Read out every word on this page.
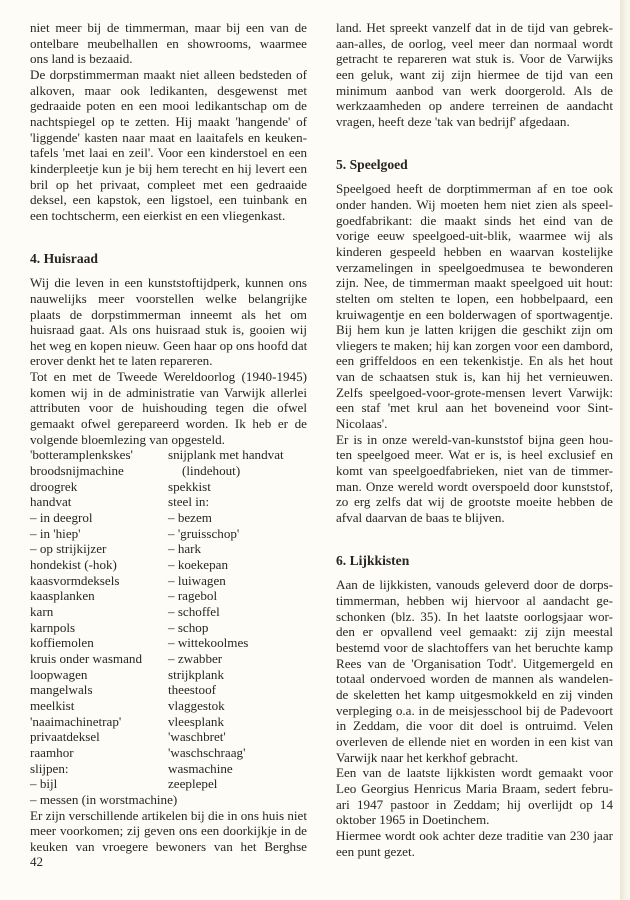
niet meer bij de timmerman, maar bij een van de
ontelbare meubelhallen en showrooms, waarmee
ons land is bezaaid.

De dorpstimmerman maakt niet alleen bedsteden of
alkoven, maar ook ledikanten, desgewenst met
gedraaide poten en een mooi ledikantschap om de
nachtspiegel op te zetten. Hij maakt 'hangende' of
'liggende' kasten naar maat en laaitafels en keuken-
tafels 'met laai en zeil'. Voor een kinderstoel en een
kinderpleetje kun je bij hem terecht en hij levert een
bril op het privaat, compleet met een gedraaide
deksel, een kapstok, een ligstoel, een tuinbank en
een tochtscherm, een eierkist en een vliegenkast.

4. Huisraad

Wij die leven in een kunststoftijdperk, kunnen ons
nauwelijks meer voorstellen welke belangrijke
plaats de dorpstimmerman inneemt als het om
huisraad gaat. Als ons huisraad stuk is, gooien wij
het weg en kopen nieuw. Geen haar op ons hoofd dat
erover denkt het te laten repareren.

Tot en met de Tweede Wereldoorlog (1940-1945)
komen wij in de administratie van Varwijk allerlei
attributen voor de huishouding tegen die ofwel
gemaakt ofwel gerepareerd worden. Ik heb er de
volgende bloemlezing van opgesteld.

'botteramplenkskes'
broodsnijmachine
droogrek
handvat
– in deegrol
– in 'hiep'
– op strijkijzer
hondekist (-hok)
kaasvormdeksels
kaasplanken
karn
karnpols
koffiemolen
kruis onder wasmand
loopwagen
mangelwals
meelkist
'naaimachinetrap'
privaatdeksel
raamhor
slijpen:
– bijl
snijplank met handvat
(lindehout)
spekkist
steel in:
– bezem
– 'gruisschop'
– hark
– koekepan
– luiwagen
– ragebol
– schoffel
– schop
– wittekoolmes
– zwabber
strijkplank
theestoof
vlaggestok
vleesplank
'waschbret'
'waschschraag'
wasmachine
zeeplepel
– messen (in worstmachine)

Er zijn verschillende artikelen bij die in ons huis niet
meer voorkomen; zij geven ons een doorkijkje in de
keuken van vroegere bewoners van het Berghse

42

land. Het spreekt vanzelf dat in de tijd van gebrek-
aan-alles, de oorlog, veel meer dan normaal wordt
getracht te repareren wat stuk is. Voor de Varwijks
een geluk, want zij zijn hiermee de tijd van een
minimum aanbod van werk doorgerold. Als de
werkzaamheden op andere terreinen de aandacht
vragen, heeft deze 'tak van bedrijf' afgedaan.

5. Speelgoed

Speelgoed heeft de dorptimmerman af en toe ook
onder handen. Wij moeten hem niet zien als speel-
goedfabrikant: die maakt sinds het eind van de
vorige eeuw speelgoed-uit-blik, waarmee wij als
kinderen gespeeld hebben en waarvan kostelijke
verzamelingen in speelgoedmusea te bewonderen
zijn. Nee, de timmerman maakt speelgoed uit hout:
stelten om stelten te lopen, een hobbelpaard, een
kruiwagentje en een bolderwagen of sportwagentje.
Bij hem kun je latten krijgen die geschikt zijn om
vliegers te maken; hij kan zorgen voor een dambord,
een griffeldoos en een tekenkistje. En als het hout
van de schaatsen stuk is, kan hij het vernieuwen.
Zelfs speelgoed-voor-grote-mensen levert Varwijk:
een staf 'met krul aan het boveneind voor Sint-
Nicolaas'.

Er is in onze wereld-van-kunststof bijna geen hou-
ten speelgoed meer. Wat er is, is heel exclusief en
komt van speelgoedfabrieken, niet van de timmer-
man. Onze wereld wordt overspoeld door kunststof,
zo erg zelfs dat wij de grootste moeite hebben de
afval daarvan de baas te blijven.

6. Lijkkisten

Aan de lijkkisten, vanouds geleverd door de dorps-
timmerman, hebben wij hiervoor al aandacht ge-
schonken (blz. 35). In het laatste oorlogsjaar wor-
den er opvallend veel gemaakt: zij zijn meestal
bestemd voor de slachtoffers van het beruchte kamp
Rees van de 'Organisation Todt'. Uitgemergeld en
totaal ondervoed worden de mannen als wandelen-
de skeletten het kamp uitgesmokkeld en zij vinden
verpleging o.a. in de meisjesschool bij de Padevoort
in Zeddam, die voor dit doel is ontruimd. Velen
overleven de ellende niet en worden in een kist van
Varwijk naar het kerkhof gebracht.

Een van de laatste lijkkisten wordt gemaakt voor
Leo Georgius Henricus Maria Braam, sedert febru-
ari 1947 pastoor in Zeddam; hij overlijdt op 14
oktober 1965 in Doetinchem.

Hiermee wordt ook achter deze traditie van 230 jaar
een punt gezet.
